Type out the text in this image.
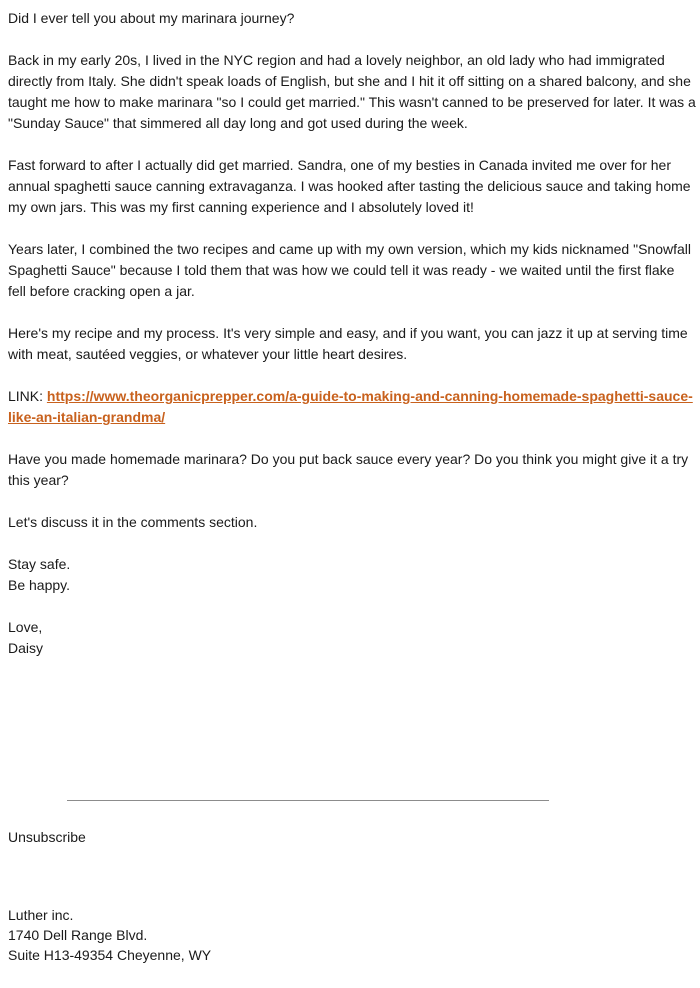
Did I ever tell you about my marinara journey?

Back in my early 20s, I lived in the NYC region and had a lovely neighbor, an old lady who had immigrated directly from Italy. She didn't speak loads of English, but she and I hit it off sitting on a shared balcony, and she taught me how to make marinara "so I could get married." This wasn't canned to be preserved for later. It was a "Sunday Sauce" that simmered all day long and got used during the week.

Fast forward to after I actually did get married. Sandra, one of my besties in Canada invited me over for her annual spaghetti sauce canning extravaganza. I was hooked after tasting the delicious sauce and taking home my own jars. This was my first canning experience and I absolutely loved it!

Years later, I combined the two recipes and came up with my own version, which my kids nicknamed "Snowfall Spaghetti Sauce" because I told them that was how we could tell it was ready - we waited until the first flake fell before cracking open a jar.

Here's my recipe and my process. It's very simple and easy, and if you want, you can jazz it up at serving time with meat, sautéed veggies, or whatever your little heart desires.

LINK: https://www.theorganicprepper.com/a-guide-to-making-and-canning-homemade-spaghetti-sauce-like-an-italian-grandma/

Have you made homemade marinara? Do you put back sauce every year? Do you think you might give it a try this year?

Let's discuss it in the comments section.

Stay safe.

Be happy.

Love,

Daisy

Unsubscribe
Luther inc.
1740 Dell Range Blvd.
Suite H13-49354 Cheyenne, WY
